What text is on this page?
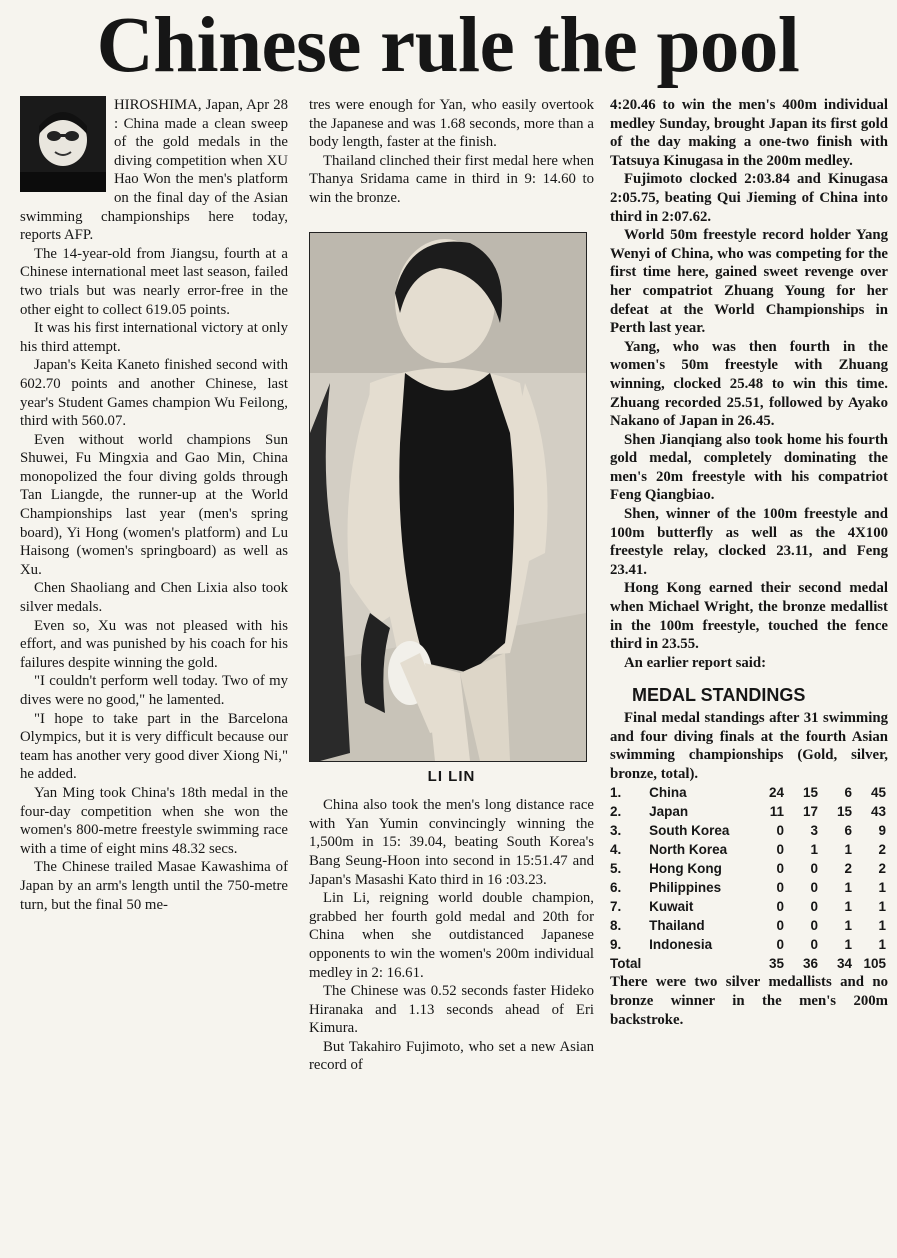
Chinese rule the pool

HIROSHIMA, Japan, Apr 28 : China made a clean sweep of the gold medals in the diving competition when XU Hao Won the men's platform on the final day of the Asian swimming championships here today, reports AFP.

The 14-year-old from Jiangsu, fourth at a Chinese international meet last season, failed two trials but was nearly error-free in the other eight to collect 619.05 points.

It was his first international victory at only his third attempt.

Japan's Keita Kaneto finished second with 602.70 points and another Chinese, last year's Student Games champion Wu Feilong, third with 560.07.

Even without world champions Sun Shuwei, Fu Mingxia and Gao Min, China monopolized the four diving golds through Tan Liangde, the runner-up at the World Championships last year (men's spring board), Yi Hong (women's platform) and Lu Haisong (women's springboard) as well as Xu.

Chen Shaoliang and Chen Lixia also took silver medals.

Even so, Xu was not pleased with his effort, and was punished by his coach for his failures despite winning the gold.

"I couldn't perform well today. Two of my dives were no good," he lamented.

"I hope to take part in the Barcelona Olympics, but it is very difficult because our team has another very good diver Xiong Ni," he added.

Yan Ming took China's 18th medal in the four-day competition when she won the women's 800-metre freestyle swimming race with a time of eight mins 48.32 secs.

The Chinese trailed Masae Kawashima of Japan by an arm's length until the 750-metre turn, but the final 50 me-

tres were enough for Yan, who easily overtook the Japanese and was 1.68 seconds, more than a body length, faster at the finish.

Thailand clinched their first medal here when Thanya Sridama came in third in 9: 14.60 to win the bronze.

LI LIN

China also took the men's long distance race with Yan Yumin convincingly winning the 1,500m in 15: 39.04, beating South Korea's Bang Seung-Hoon into second in 15:51.47 and Japan's Masashi Kato third in 16 :03.23.

Lin Li, reigning world double champion, grabbed her fourth gold medal and 20th for China when she outdistanced Japanese opponents to win the women's 200m individual medley in 2: 16.61.

The Chinese was 0.52 seconds faster Hideko Hiranaka and 1.13 seconds ahead of Eri Kimura.

But Takahiro Fujimoto, who set a new Asian record of

4:20.46 to win the men's 400m individual medley Sunday, brought Japan its first gold of the day making a one-two finish with Tatsuya Kinugasa in the 200m medley.

Fujimoto clocked 2:03.84 and Kinugasa 2:05.75, beating Qui Jieming of China into third in 2:07.62.

World 50m freestyle record holder Yang Wenyi of China, who was competing for the first time here, gained sweet revenge over her compatriot Zhuang Young for her defeat at the World Championships in Perth last year.

Yang, who was then fourth in the women's 50m freestyle with Zhuang winning, clocked 25.48 to win this time. Zhuang recorded 25.51, followed by Ayako Nakano of Japan in 26.45.

Shen Jianqiang also took home his fourth gold medal, completely dominating the men's 20m freestyle with his compatriot Feng Qiangbiao.

Shen, winner of the 100m freestyle and 100m butterfly as well as the 4X100 freestyle relay, clocked 23.11, and Feng 23.41.

Hong Kong earned their second medal when Michael Wright, the bronze medallist in the 100m freestyle, touched the fence third in 23.55.

An earlier report said:

MEDAL STANDINGS

Final medal standings after 31 swimming and four diving finals at the fourth Asian swimming championships (Gold, silver, bronze, total).

1.	China	24	15	6	45
2.	Japan	11	17	15	43
3.	South Korea	0	3	6	9
4.	North Korea	0	1	1	2
5.	Hong Kong	0	0	2	2
6.	Philippines	0	0	1	1
7.	Kuwait	0	0	1	1
8.	Thailand	0	0	1	1
9.	Indonesia	0	0	1	1
Total		35	36	34	105

There were two silver medallists and no bronze winner in the men's 200m backstroke.
